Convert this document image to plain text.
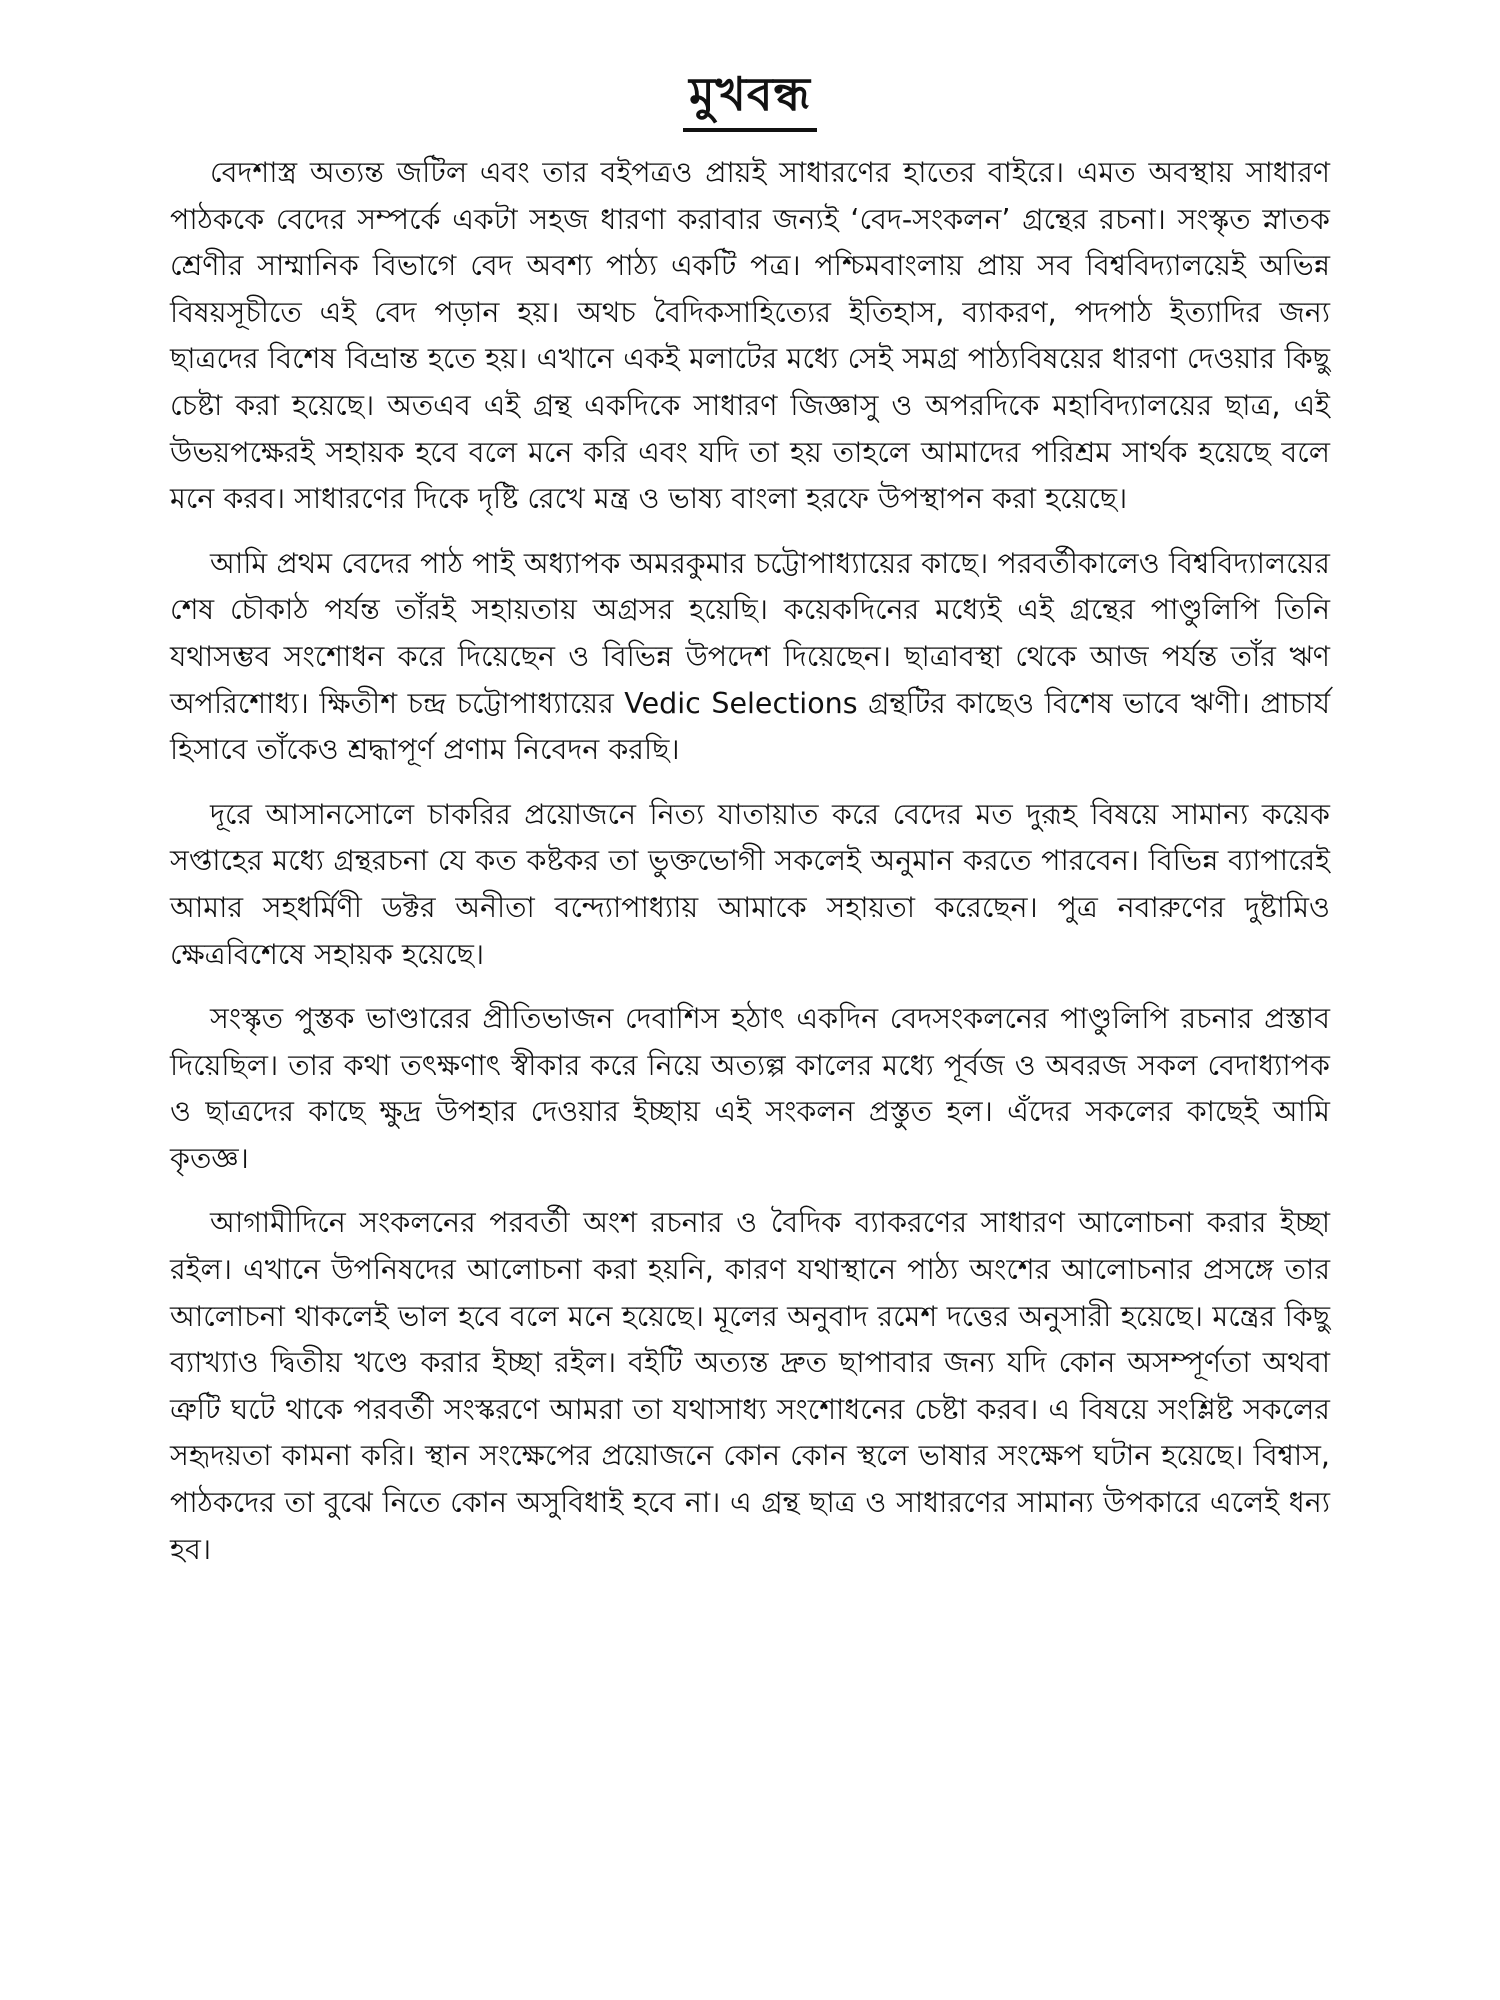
মুখবন্ধ

বেদশাস্ত্র অত্যন্ত জটিল এবং তার বইপত্রও প্রায়ই সাধারণের হাতের বাইরে। এমত অবস্থায় সাধারণ পাঠককে বেদের সম্পর্কে একটা সহজ ধারণা করাবার জন্যই ‘বেদ-সংকলন’ গ্রন্থের রচনা। সংস্কৃত স্নাতক শ্রেণীর সাম্মানিক বিভাগে বেদ অবশ্য পাঠ্য একটি পত্র। পশ্চিমবাংলায় প্রায় সব বিশ্ববিদ্যালয়েই অভিন্ন বিষয়সূচীতে এই বেদ পড়ান হয়। অথচ বৈদিকসাহিত্যের ইতিহাস, ব্যাকরণ, পদপাঠ ইত্যাদির জন্য ছাত্রদের বিশেষ বিভ্রান্ত হতে হয়। এখানে একই মলাটের মধ্যে সেই সমগ্র পাঠ্যবিষয়ের ধারণা দেওয়ার কিছু চেষ্টা করা হয়েছে। অতএব এই গ্রন্থ একদিকে সাধারণ জিজ্ঞাসু ও অপরদিকে মহাবিদ্যালয়ের ছাত্র, এই উভয়পক্ষেরই সহায়ক হবে বলে মনে করি এবং যদি তা হয় তাহলে আমাদের পরিশ্রম সার্থক হয়েছে বলে মনে করব। সাধারণের দিকে দৃষ্টি রেখে মন্ত্র ও ভাষ্য বাংলা হরফে উপস্থাপন করা হয়েছে।

আমি প্রথম বেদের পাঠ পাই অধ্যাপক অমরকুমার চট্টোপাধ্যায়ের কাছে। পরবর্তীকালেও বিশ্ববিদ্যালয়ের শেষ চৌকাঠ পর্যন্ত তাঁরই সহায়তায় অগ্রসর হয়েছি। কয়েকদিনের মধ্যেই এই গ্রন্থের পাণ্ডুলিপি তিনি যথাসম্ভব সংশোধন করে দিয়েছেন ও বিভিন্ন উপদেশ দিয়েছেন। ছাত্রাবস্থা থেকে আজ পর্যন্ত তাঁর ঋণ অপরিশোধ্য। ক্ষিতীশ চন্দ্র চট্টোপাধ্যায়ের Vedic Selections গ্রন্থটির কাছেও বিশেষ ভাবে ঋণী। প্রাচার্য হিসাবে তাঁকেও শ্রদ্ধাপূর্ণ প্রণাম নিবেদন করছি।

দূরে আসানসোলে চাকরির প্রয়োজনে নিত্য যাতায়াত করে বেদের মত দুরূহ বিষয়ে সামান্য কয়েক সপ্তাহের মধ্যে গ্রন্থরচনা যে কত কষ্টকর তা ভুক্তভোগী সকলেই অনুমান করতে পারবেন। বিভিন্ন ব্যাপারেই আমার সহধর্মিণী ডক্টর অনীতা বন্দ্যোপাধ্যায় আমাকে সহায়তা করেছেন। পুত্র নবারুণের দুষ্টামিও ক্ষেত্রবিশেষে সহায়ক হয়েছে।

সংস্কৃত পুস্তক ভাণ্ডারের প্রীতিভাজন দেবাশিস হঠাৎ একদিন বেদসংকলনের পাণ্ডুলিপি রচনার প্রস্তাব দিয়েছিল। তার কথা তৎক্ষণাৎ স্বীকার করে নিয়ে অত্যল্প কালের মধ্যে পূর্বজ ও অবরজ সকল বেদাধ্যাপক ও ছাত্রদের কাছে ক্ষুদ্র উপহার দেওয়ার ইচ্ছায় এই সংকলন প্রস্তুত হল। এঁদের সকলের কাছেই আমি কৃতজ্ঞ।

আগামীদিনে সংকলনের পরবর্তী অংশ রচনার ও বৈদিক ব্যাকরণের সাধারণ আলোচনা করার ইচ্ছা রইল। এখানে উপনিষদের আলোচনা করা হয়নি, কারণ যথাস্থানে পাঠ্য অংশের আলোচনার প্রসঙ্গে তার আলোচনা থাকলেই ভাল হবে বলে মনে হয়েছে। মূলের অনুবাদ রমেশ দত্তের অনুসারী হয়েছে। মন্ত্রের কিছু ব্যাখ্যাও দ্বিতীয় খণ্ডে করার ইচ্ছা রইল। বইটি অত্যন্ত দ্রুত ছাপাবার জন্য যদি কোন অসম্পূর্ণতা অথবা ত্রুটি ঘটে থাকে পরবর্তী সংস্করণে আমরা তা যথাসাধ্য সংশোধনের চেষ্টা করব। এ বিষয়ে সংশ্লিষ্ট সকলের সহৃদয়তা কামনা করি। স্থান সংক্ষেপের প্রয়োজনে কোন কোন স্থলে ভাষার সংক্ষেপ ঘটান হয়েছে। বিশ্বাস, পাঠকদের তা বুঝে নিতে কোন অসুবিধাই হবে না। এ গ্রন্থ ছাত্র ও সাধারণের সামান্য উপকারে এলেই ধন্য হব।
